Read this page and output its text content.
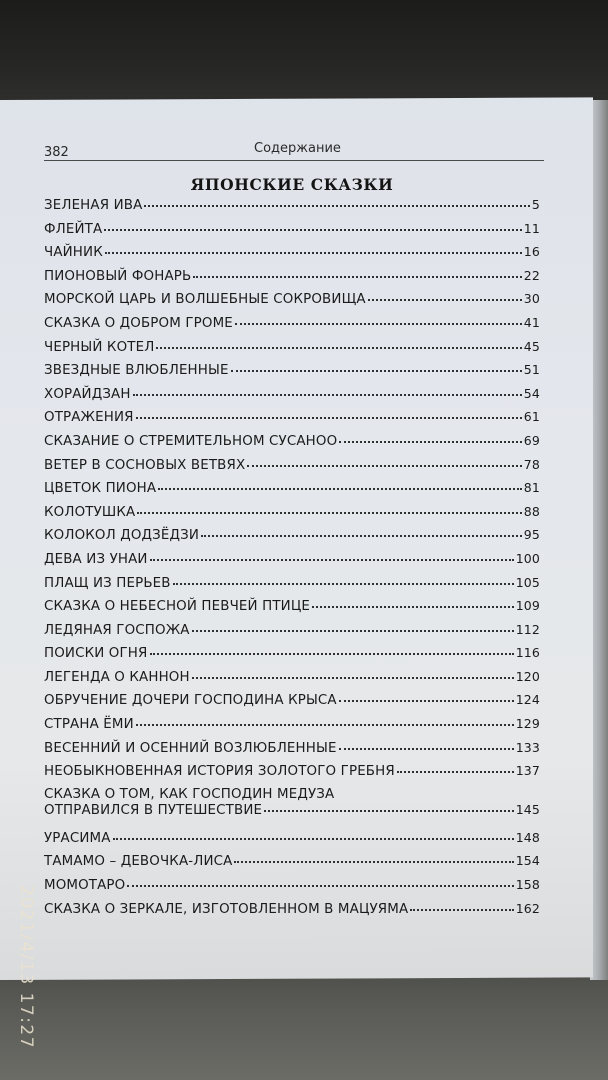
382	Содержание
ЯПОНСКИЕ СКАЗКИ
ЗЕЛЕНАЯ ИВА	5
ФЛЕЙТА	11
ЧАЙНИК	16
ПИОНОВЫЙ ФОНАРЬ	22
МОРСКОЙ ЦАРЬ И ВОЛШЕБНЫЕ СОКРОВИЩА	30
СКАЗКА О ДОБРОМ ГРОМЕ	41
ЧЕРНЫЙ КОТЕЛ	45
ЗВЕЗДНЫЕ ВЛЮБЛЕННЫЕ	51
ХОРАЙДЗАН	54
ОТРАЖЕНИЯ	61
СКАЗАНИЕ О СТРЕМИТЕЛЬНОМ СУСАНОО	69
ВЕТЕР В СОСНОВЫХ ВЕТВЯХ	78
ЦВЕТОК ПИОНА	81
КОЛОТУШКА	88
КОЛОКОЛ ДОДЗЁДЗИ	95
ДЕВА ИЗ УНАИ	100
ПЛАЩ ИЗ ПЕРЬЕВ	105
СКАЗКА О НЕБЕСНОЙ ПЕВЧЕЙ ПТИЦЕ	109
ЛЕДЯНАЯ ГОСПОЖА	112
ПОИСКИ ОГНЯ	116
ЛЕГЕНДА О КАННОН	120
ОБРУЧЕНИЕ ДОЧЕРИ ГОСПОДИНА КРЫСА	124
СТРАНА ЁМИ	129
ВЕСЕННИЙ И ОСЕННИЙ ВОЗЛЮБЛЕННЫЕ	133
НЕОБЫКНОВЕННАЯ ИСТОРИЯ ЗОЛОТОГО ГРЕБНЯ	137
СКАЗКА О ТОМ, КАК ГОСПОДИН МЕДУЗА
ОТПРАВИЛСЯ В ПУТЕШЕСТВИЕ	145
УРАСИМА	148
ТАМАМО – ДЕВОЧКА-ЛИСА	154
МОМОТАРО	158
СКАЗКА О ЗЕРКАЛЕ, ИЗГОТОВЛЕННОМ В МАЦУЯМА	162
2021/4/13 17:27
